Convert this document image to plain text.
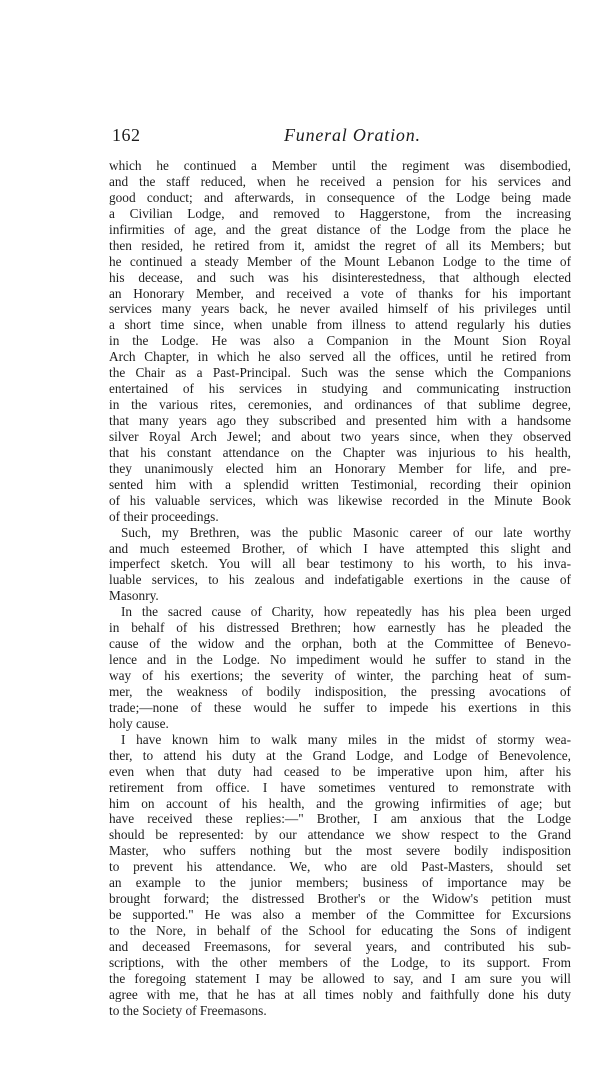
162	Funeral Oration.
which he continued a Member until the regiment was disembodied,
and the staff reduced, when he received a pension for his services and
good conduct; and afterwards, in consequence of the Lodge being made
a Civilian Lodge, and removed to Haggerstone, from the increasing
infirmities of age, and the great distance of the Lodge from the place he
then resided, he retired from it, amidst the regret of all its Members; but
he continued a steady Member of the Mount Lebanon Lodge to the time of
his decease, and such was his disinterestedness, that although elected
an Honorary Member, and received a vote of thanks for his important
services many years back, he never availed himself of his privileges until
a short time since, when unable from illness to attend regularly his duties
in the Lodge. He was also a Companion in the Mount Sion Royal
Arch Chapter, in which he also served all the offices, until he retired from
the Chair as a Past-Principal. Such was the sense which the Companions
entertained of his services in studying and communicating instruction
in the various rites, ceremonies, and ordinances of that sublime degree,
that many years ago they subscribed and presented him with a handsome
silver Royal Arch Jewel; and about two years since, when they observed
that his constant attendance on the Chapter was injurious to his health,
they unanimously elected him an Honorary Member for life, and pre-
sented him with a splendid written Testimonial, recording their opinion
of his valuable services, which was likewise recorded in the Minute Book
of their proceedings.
Such, my Brethren, was the public Masonic career of our late worthy
and much esteemed Brother, of which I have attempted this slight and
imperfect sketch. You will all bear testimony to his worth, to his inva-
luable services, to his zealous and indefatigable exertions in the cause of
Masonry.
In the sacred cause of Charity, how repeatedly has his plea been urged
in behalf of his distressed Brethren; how earnestly has he pleaded the
cause of the widow and the orphan, both at the Committee of Benevo-
lence and in the Lodge. No impediment would he suffer to stand in the
way of his exertions; the severity of winter, the parching heat of sum-
mer, the weakness of bodily indisposition, the pressing avocations of
trade;—none of these would he suffer to impede his exertions in this
holy cause.
I have known him to walk many miles in the midst of stormy wea-
ther, to attend his duty at the Grand Lodge, and Lodge of Benevolence,
even when that duty had ceased to be imperative upon him, after his
retirement from office. I have sometimes ventured to remonstrate with
him on account of his health, and the growing infirmities of age; but
have received these replies:—" Brother, I am anxious that the Lodge
should be represented: by our attendance we show respect to the Grand
Master, who suffers nothing but the most severe bodily indisposition
to prevent his attendance. We, who are old Past-Masters, should set
an example to the junior members; business of importance may be
brought forward; the distressed Brother's or the Widow's petition must
be supported." He was also a member of the Committee for Excursions
to the Nore, in behalf of the School for educating the Sons of indigent
and deceased Freemasons, for several years, and contributed his sub-
scriptions, with the other members of the Lodge, to its support. From
the foregoing statement I may be allowed to say, and I am sure you will
agree with me, that he has at all times nobly and faithfully done his duty
to the Society of Freemasons.
